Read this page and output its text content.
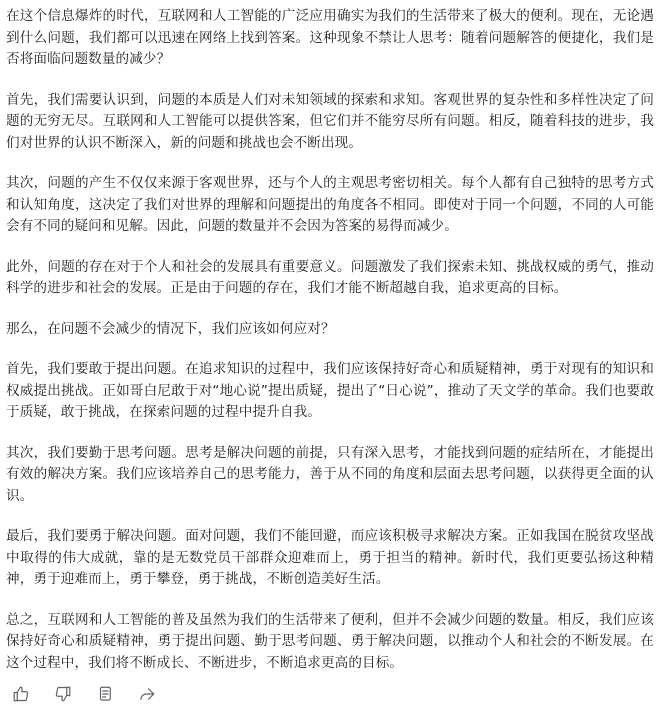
在这个信息爆炸的时代，互联网和人工智能的广泛应用确实为我们的生活带来了极大的便利。现在，无论遇到什么问题，我们都可以迅速在网络上找到答案。这种现象不禁让人思考：随着问题解答的便捷化，我们是否将面临问题数量的减少？

首先，我们需要认识到，问题的本质是人们对未知领域的探索和求知。客观世界的复杂性和多样性决定了问题的无穷无尽。互联网和人工智能可以提供答案，但它们并不能穷尽所有问题。相反，随着科技的进步，我们对世界的认识不断深入，新的问题和挑战也会不断出现。

其次，问题的产生不仅仅来源于客观世界，还与个人的主观思考密切相关。每个人都有自己独特的思考方式和认知角度，这决定了我们对世界的理解和问题提出的角度各不相同。即使对于同一个问题，不同的人可能会有不同的疑问和见解。因此，问题的数量并不会因为答案的易得而减少。

此外，问题的存在对于个人和社会的发展具有重要意义。问题激发了我们探索未知、挑战权威的勇气，推动科学的进步和社会的发展。正是由于问题的存在，我们才能不断超越自我，追求更高的目标。

那么，在问题不会减少的情况下，我们应该如何应对？

首先，我们要敢于提出问题。在追求知识的过程中，我们应该保持好奇心和质疑精神，勇于对现有的知识和权威提出挑战。正如哥白尼敢于对“地心说”提出质疑，提出了“日心说”，推动了天文学的革命。我们也要敢于质疑，敢于挑战，在探索问题的过程中提升自我。

其次，我们要勤于思考问题。思考是解决问题的前提，只有深入思考，才能找到问题的症结所在，才能提出有效的解决方案。我们应该培养自己的思考能力，善于从不同的角度和层面去思考问题，以获得更全面的认识。

最后，我们要勇于解决问题。面对问题，我们不能回避，而应该积极寻求解决方案。正如我国在脱贫攻坚战中取得的伟大成就，靠的是无数党员干部群众迎难而上，勇于担当的精神。新时代，我们更要弘扬这种精神，勇于迎难而上，勇于攀登，勇于挑战，不断创造美好生活。

总之，互联网和人工智能的普及虽然为我们的生活带来了便利，但并不会减少问题的数量。相反，我们应该保持好奇心和质疑精神，勇于提出问题、勤于思考问题、勇于解决问题，以推动个人和社会的不断发展。在这个过程中，我们将不断成长、不断进步，不断追求更高的目标。
